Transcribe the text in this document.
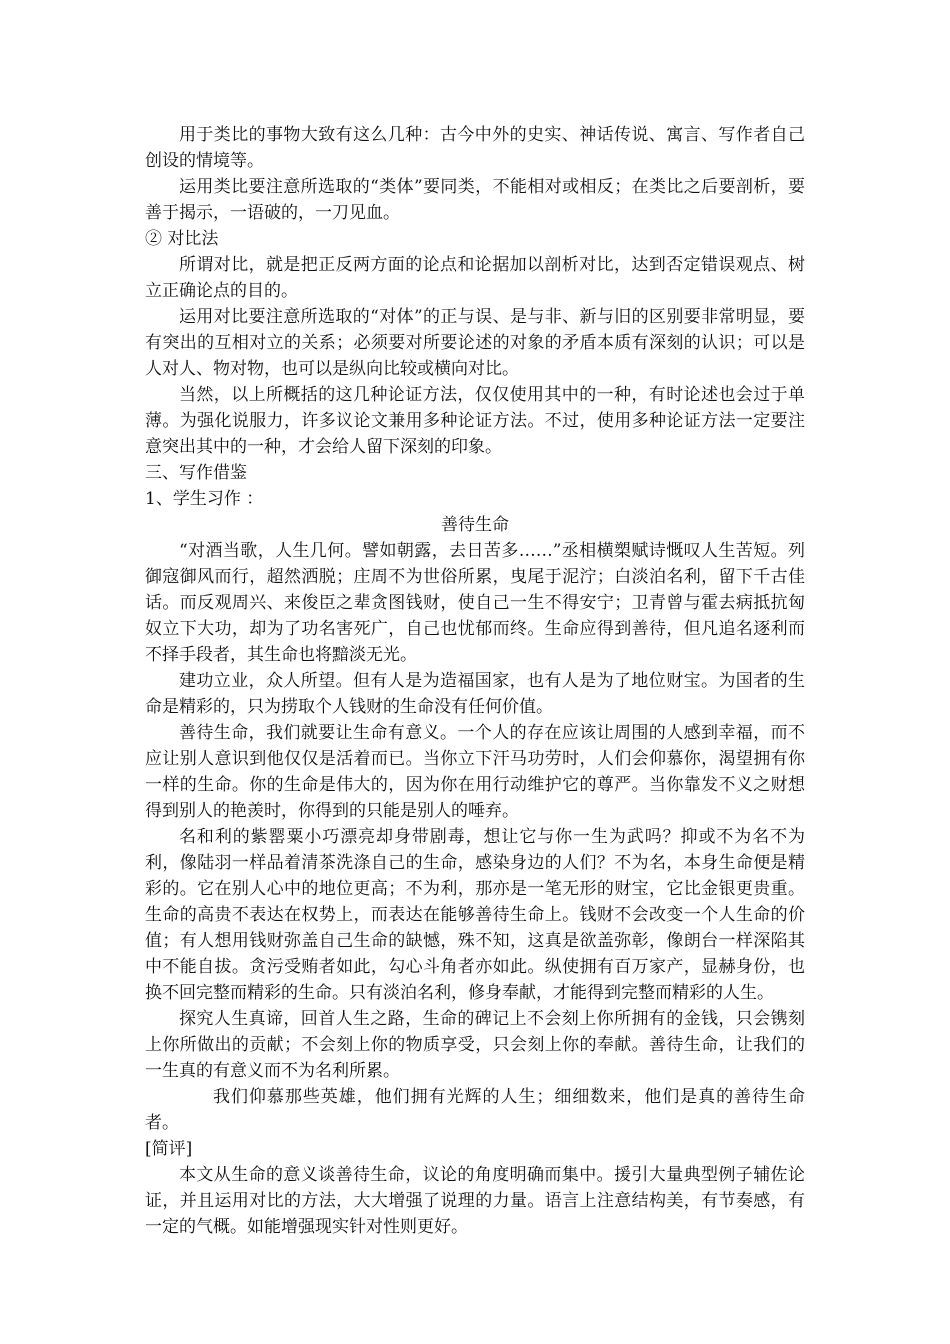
用于类比的事物大致有这么几种：古今中外的史实、神话传说、寓言、写作者自己创设的情境等。

运用类比要注意所选取的“类体”要同类，不能相对或相反；在类比之后要剖析，要善于揭示，一语破的，一刀见血。

② 对比法

所谓对比，就是把正反两方面的论点和论据加以剖析对比，达到否定错误观点、树立正确论点的目的。

运用对比要注意所选取的“对体”的正与误、是与非、新与旧的区别要非常明显，要有突出的互相对立的关系；必须要对所要论述的对象的矛盾本质有深刻的认识；可以是人对人、物对物，也可以是纵向比较或横向对比。

当然，以上所概括的这几种论证方法，仅仅使用其中的一种，有时论述也会过于单薄。为强化说服力，许多议论文兼用多种论证方法。不过，使用多种论证方法一定要注意突出其中的一种，才会给人留下深刻的印象。

三、写作借鉴

1、学生习作 ：

善待生命

“对酒当歌，人生几何。譬如朝露，去日苦多……”丞相横槊赋诗慨叹人生苦短。列御寇御风而行，超然洒脱；庄周不为世俗所累，曳尾于泥泞；白淡泊名利，留下千古佳话。而反观周兴、来俊臣之辈贪图钱财，使自己一生不得安宁；卫青曾与霍去病抵抗匈奴立下大功，却为了功名害死广，自己也忧郁而终。生命应得到善待，但凡追名逐利而不择手段者，其生命也将黯淡无光。

建功立业，众人所望。但有人是为造福国家，也有人是为了地位财宝。为国者的生命是精彩的，只为捞取个人钱财的生命没有任何价值。

善待生命，我们就要让生命有意义。一个人的存在应该让周围的人感到幸福，而不应让别人意识到他仅仅是活着而已。当你立下汗马功劳时，人们会仰慕你，渴望拥有你一样的生命。你的生命是伟大的，因为你在用行动维护它的尊严。当你靠发不义之财想得到别人的艳羡时，你得到的只能是别人的唾弃。

名和利的紫罂粟小巧漂亮却身带剧毒，想让它与你一生为武吗？抑或不为名不为利，像陆羽一样品着清茶洗涤自己的生命，感染身边的人们？不为名，本身生命便是精彩的。它在别人心中的地位更高；不为利，那亦是一笔无形的财宝，它比金银更贵重。生命的高贵不表达在权势上，而表达在能够善待生命上。钱财不会改变一个人生命的价值；有人想用钱财弥盖自己生命的缺憾，殊不知，这真是欲盖弥彰，像朗台一样深陷其中不能自拔。贪污受贿者如此，勾心斗角者亦如此。纵使拥有百万家产，显赫身份，也换不回完整而精彩的生命。只有淡泊名利，修身奉献，才能得到完整而精彩的人生。

探究人生真谛，回首人生之路，生命的碑记上不会刻上你所拥有的金钱，只会镌刻上你所做出的贡献；不会刻上你的物质享受，只会刻上你的奉献。善待生命，让我们的一生真的有意义而不为名利所累。

我们仰慕那些英雄，他们拥有光辉的人生；细细数来，他们是真的善待生命者。

[简评]

本文从生命的意义谈善待生命，议论的角度明确而集中。援引大量典型例子辅佐论证，并且运用对比的方法，大大增强了说理的力量。语言上注意结构美，有节奏感，有一定的气概。如能增强现实针对性则更好。
